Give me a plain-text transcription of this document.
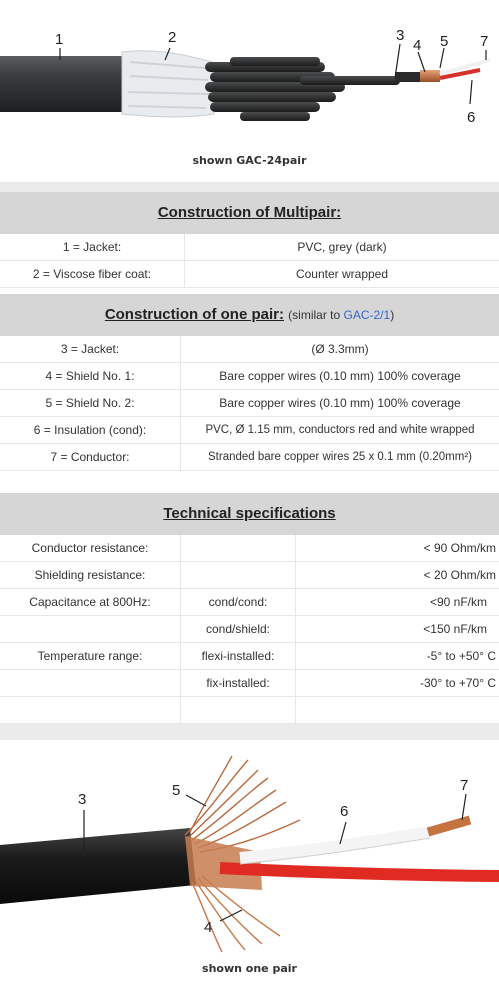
1	2	3
4 5
6
7
shown GAC-24pair
Construction of Multipair:
1 = Jacket:	PVC, grey (dark)
2 = Viscose fiber coat:	Counter wrapped
Construction of one pair: (similar to GAC-2/1)
3 = Jacket:	(Ø 3.3mm)
4 = Shield No. 1:	Bare copper wires (0.10 mm) 100% coverage
5 = Shield No. 2:	Bare copper wires (0.10 mm) 100% coverage
6 = Insulation (cond):	PVC, Ø 1.15 mm, conductors red and white wrapped
7 = Conductor:	Stranded bare copper wires 25 x 0.1 mm (0.20mm²)
Technical specifications
Conductor resistance:		< 90 Ohm/km
Shielding resistance:		< 20 Ohm/km
Capacitance at 800Hz:	cond/cond:	<90 nF/km
	cond/shield:	<150 nF/km
Temperature range:	flexi-installed:	-5° to +50° C
	fix-installed:	-30° to +70° C

3
5
6
7
4
shown one pair
